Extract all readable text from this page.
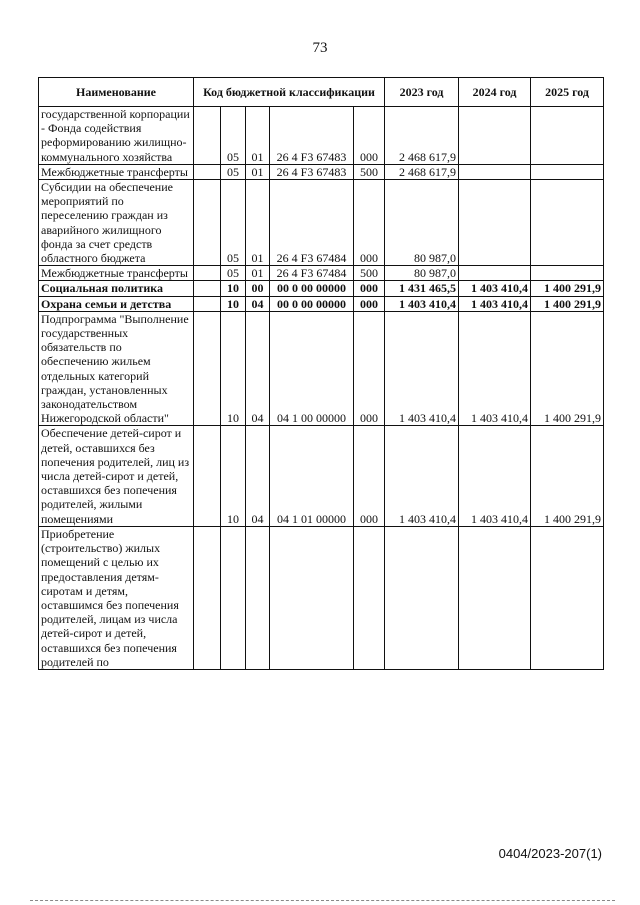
73
Наименование	Код бюджетной классификации					2023 год	2024 год	2025 год
государственной корпорации - Фонда содействия реформированию жилищно-коммунального хозяйства		05	01	26 4 F3 67483	000	2 468 617,9		
Межбюджетные трансферты		05	01	26 4 F3 67483	500	2 468 617,9		
Субсидии на обеспечение мероприятий по переселению граждан из аварийного жилищного фонда за счет средств областного бюджета		05	01	26 4 F3 67484	000	80 987,0		
Межбюджетные трансферты		05	01	26 4 F3 67484	500	80 987,0		
Социальная политика		10	00	00 0 00 00000	000	1 431 465,5	1 403 410,4	1 400 291,9
Охрана семьи и детства		10	04	00 0 00 00000	000	1 403 410,4	1 403 410,4	1 400 291,9
Подпрограмма "Выполнение государственных обязательств по обеспечению жильем отдельных категорий граждан, установленных законодательством Нижегородской области"		10	04	04 1 00 00000	000	1 403 410,4	1 403 410,4	1 400 291,9
Обеспечение детей-сирот и детей, оставшихся без попечения родителей, лиц из числа детей-сирот и детей, оставшихся без попечения родителей, жилыми помещениями		10	04	04 1 01 00000	000	1 403 410,4	1 403 410,4	1 400 291,9
Приобретение (строительство) жилых помещений с целью их предоставления детям-сиротам и детям, оставшимся без попечения родителей, лицам из числа детей-сирот и детей, оставшихся без попечения родителей по								
0404/2023-207(1)
